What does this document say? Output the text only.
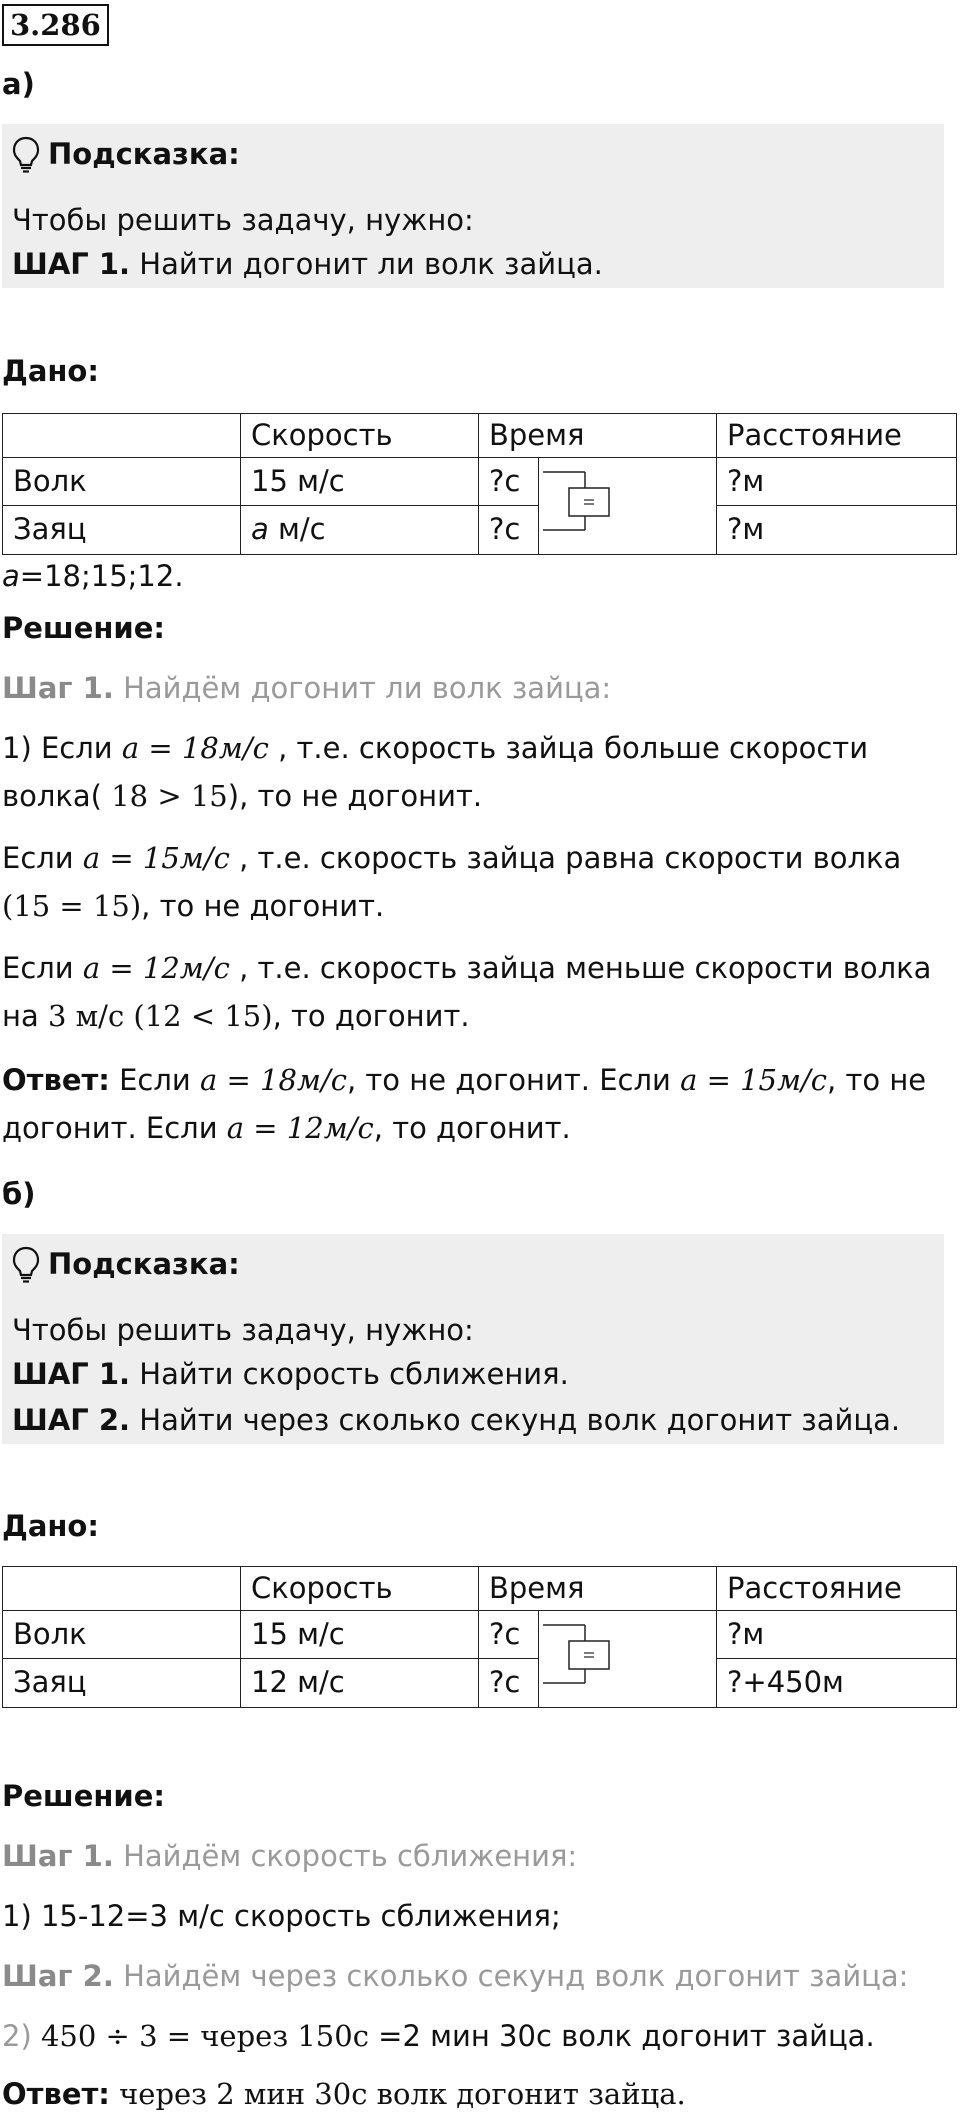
3.286
а)
Подсказка:
Чтобы решить задачу, нужно:
ШАГ 1. Найти догонит ли волк зайца.
Дано:
	Скорость	Время		Расстояние
Волк	15 м/с	?с		?м
Заяц	a м/с	?с		?м
a=18;15;12.
Решение:
Шаг 1. Найдём догонит ли волк зайца:
1) Если a = 18м/с , т.е. скорость зайца больше скорости
волка( 18 > 15), то не догонит.
Если a = 15м/с , т.е. скорость зайца равна скорости волка
(15 = 15), то не догонит.
Если a = 12м/с , т.е. скорость зайца меньше скорости волка
на 3 м/с (12 < 15), то догонит.
Ответ: Если a = 18м/с, то не догонит. Если a = 15м/с, то не
догонит. Если a = 12м/с, то догонит.
б)
Подсказка:
Чтобы решить задачу, нужно:
ШАГ 1. Найти скорость сближения.
ШАГ 2. Найти через сколько секунд волк догонит зайца.
Дано:
	Скорость	Время		Расстояние
Волк	15 м/с	?с		?м
Заяц	12 м/с	?с		?+450м
Решение:
Шаг 1. Найдём скорость сближения:
1) 15-12=3 м/с скорость сближения;
Шаг 2. Найдём через сколько секунд волк догонит зайца:
2) 450 ÷ 3 = через 150с =2 мин 30с волк догонит зайца.
Ответ: через 2 мин 30с волк догонит зайца.
